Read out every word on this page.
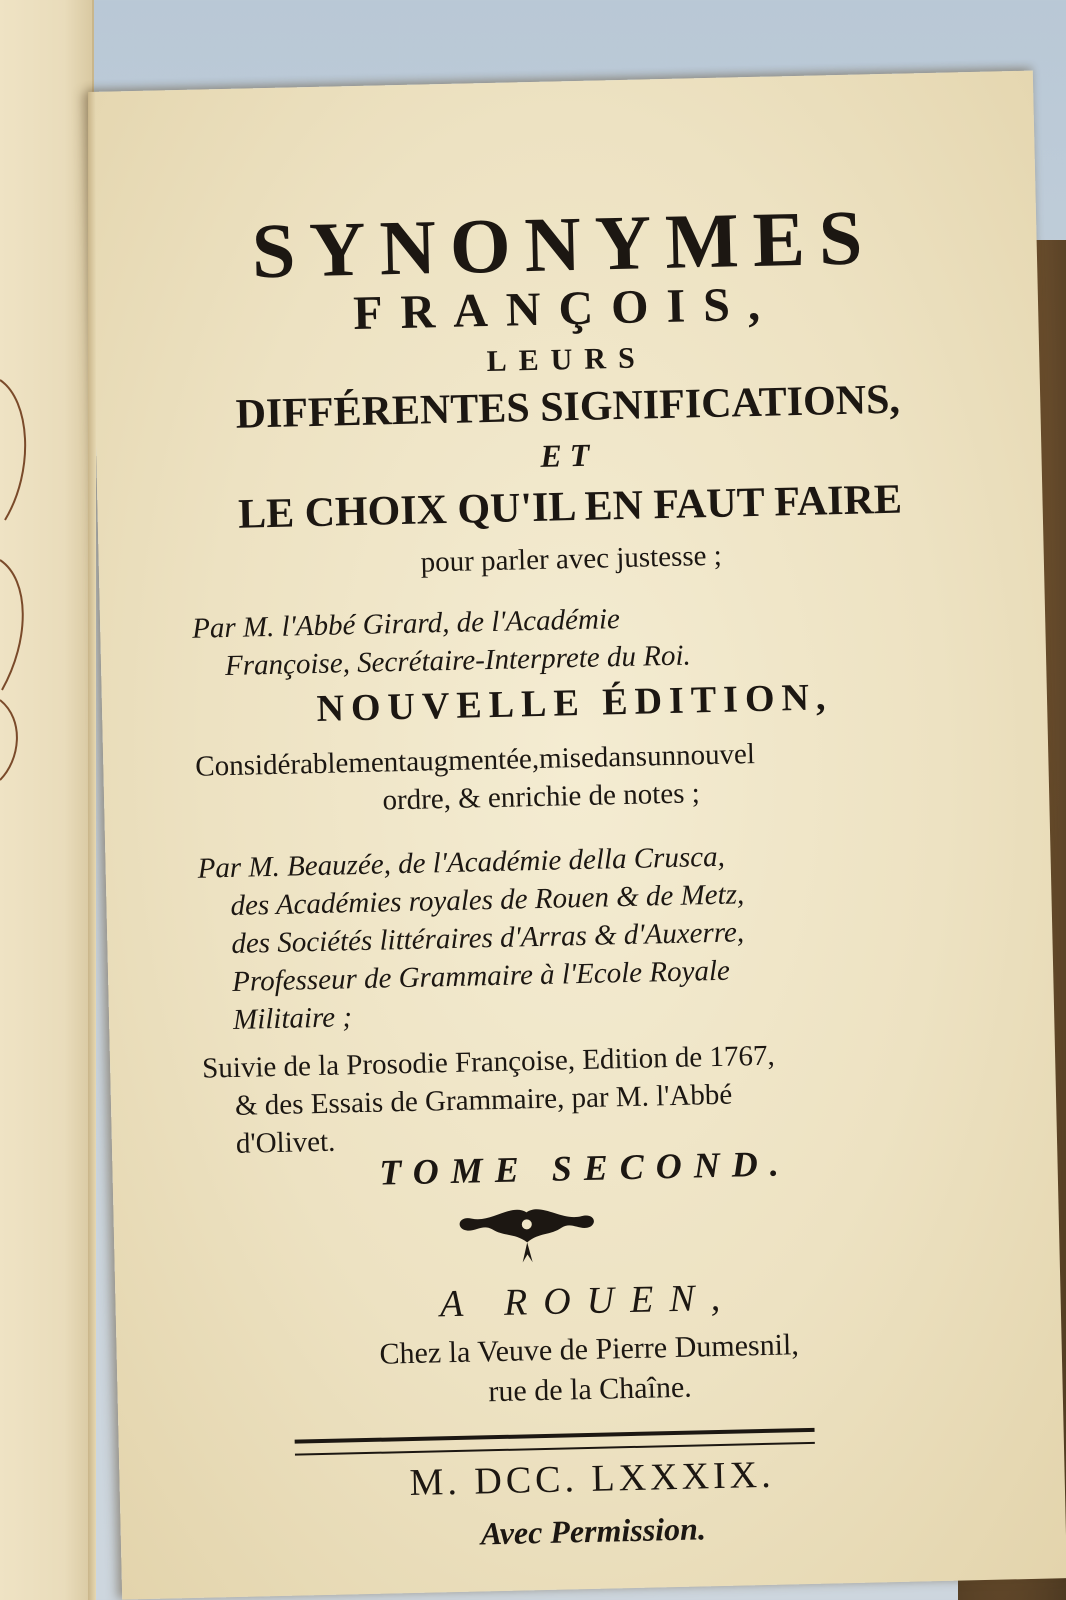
SYNONYMES
FRANÇOIS,
LEURS
DIFFÉRENTES SIGNIFICATIONS,
ET
LE CHOIX QU'IL EN FAUT FAIRE
pour parler avec justesse ;
Par M. l'Abbé Girard, de l'Académie
Françoise, Secrétaire-Interprete du Roi.
NOUVELLE ÉDITION,
Considérablementaugmentée,misedansunnouvel
ordre, & enrichie de notes ;
Par M. Beauzée, de l'Académie della Crusca,
des Académies royales de Rouen & de Metz,
des Sociétés littéraires d'Arras & d'Auxerre,
Professeur de Grammaire à l'Ecole Royale
Militaire ;
Suivie de la Prosodie Françoise, Edition de 1767,
& des Essais de Grammaire, par M. l'Abbé
d'Olivet.
TOME SECOND.
A ROUEN,
Chez la Veuve de Pierre Dumesnil,
rue de la Chaîne.
M. DCC. LXXXIX.
Avec Permission.
